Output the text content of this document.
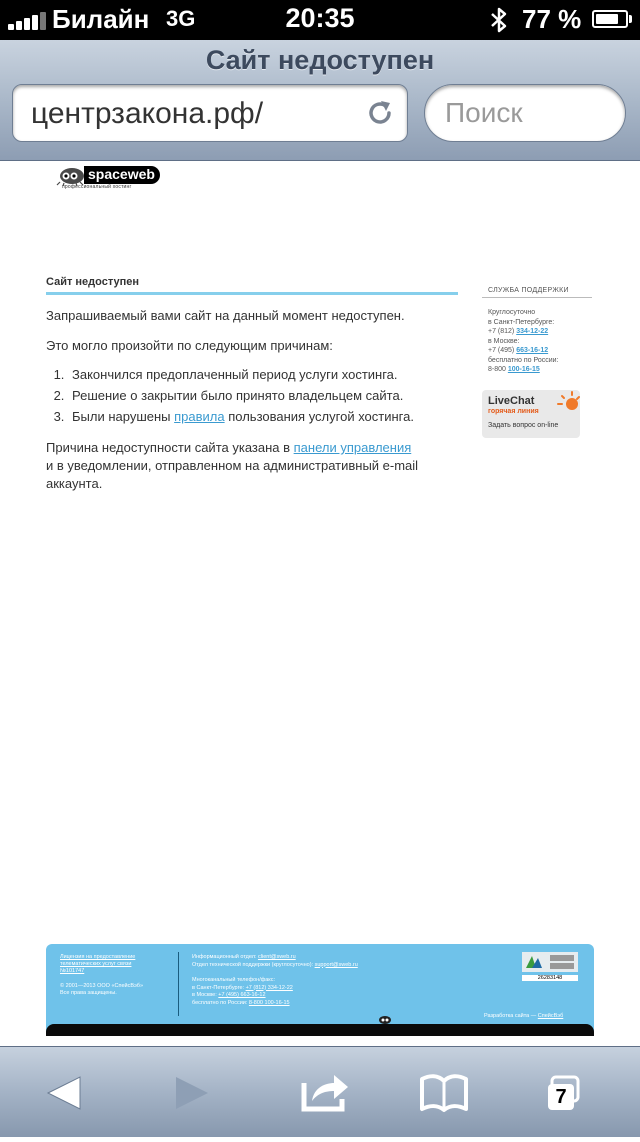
Билайн 3G	20:35	77 %
Сайт недоступен
центрзакона.рф/	Поиск
spaceweb
профессиональный хостинг
Сайт недоступен
Запрашиваемый вами сайт на данный момент недоступен.
Это могло произойти по следующим причинам:
1. Закончился предоплаченный период услуги хостинга.
2. Решение о закрытии было принято владельцем сайта.
3. Были нарушены правила пользования услугой хостинга.
Причина недоступности сайта указана в панели управления
и в уведомлении, отправленном на административный e-mail аккаунта.
СЛУЖБА ПОДДЕРЖКИ
Круглосуточно
в Санкт-Петербурге:
+7 (812) 334-12-22
в Москве:
+7 (495) 663-16-12
бесплатно по России:
8-800 100-16-15
LiveChat
горячая линия
Задать вопрос on-line
Лицензия на предоставление
телематических услуг связи
№101747
© 2001—2013 ООО «СпейсВэб»
Все права защищены.
Информационный отдел: client@sweb.ru
Отдел технической поддержки (круглосуточно): support@sweb.ru
Многоканальный телефон/факс:
в Санкт-Петербурге: +7 (812) 334-12-22
в Москве: +7 (495) 663-16-12
бесплатно по России: 8-800 100-16-15
26283148
Разработка сайта — СпейсВэб
7
